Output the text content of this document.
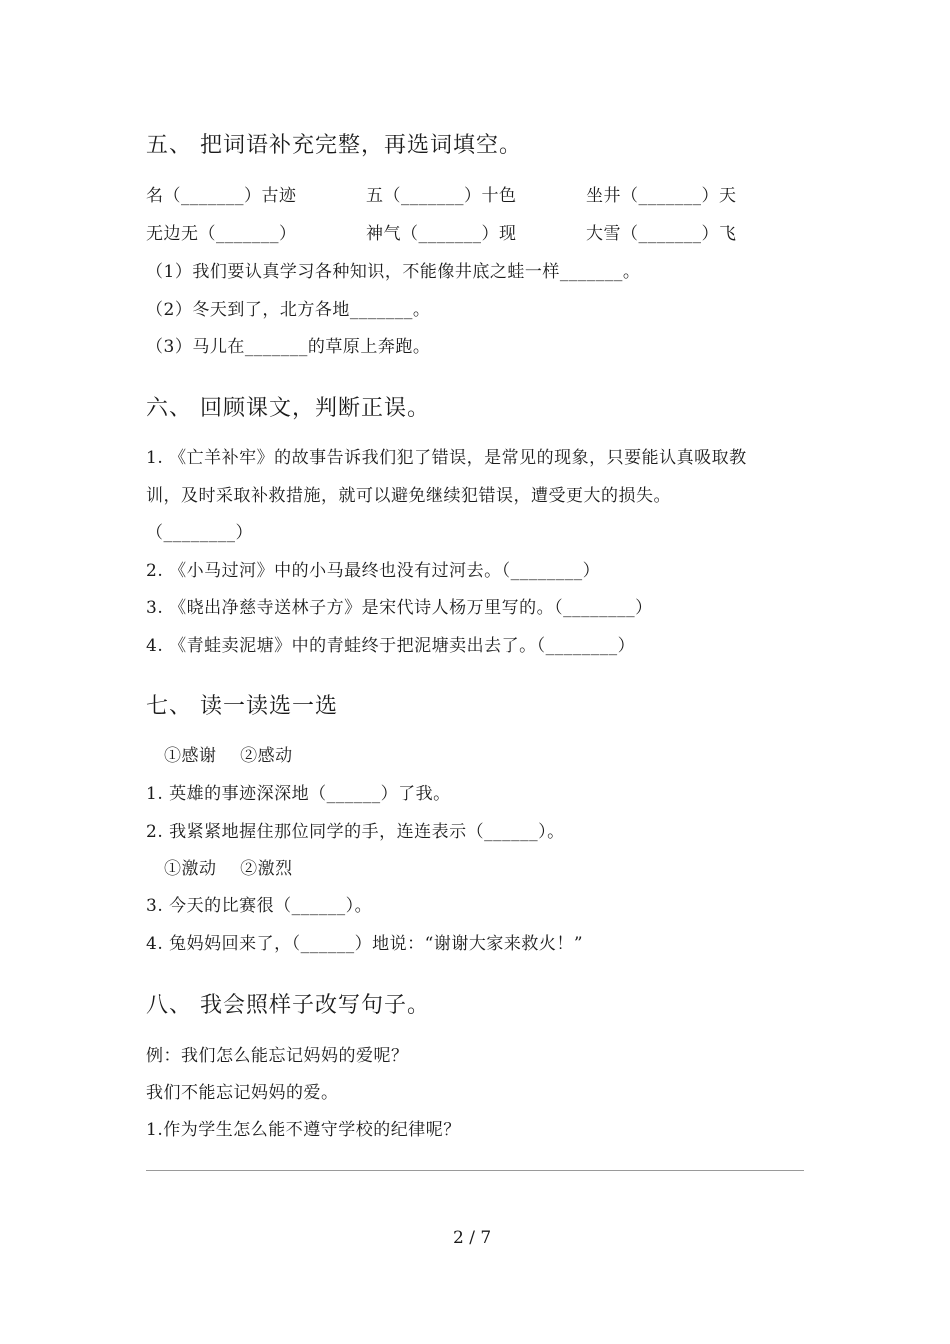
五、 把词语补充完整，再选词填空。
名（_______）古迹	五（_______）十色	坐井（_______）天
无边无（_______）	神气（_______）现	大雪（_______）飞
（1）我们要认真学习各种知识，不能像井底之蛙一样_______。
（2）冬天到了，北方各地_______。
（3）马儿在_______的草原上奔跑。
六、 回顾课文，判断正误。
1. 《亡羊补牢》的故事告诉我们犯了错误，是常见的现象，只要能认真吸取教
训，及时采取补救措施，就可以避免继续犯错误，遭受更大的损失。
（________）
2. 《小马过河》中的小马最终也没有过河去。（________）
3. 《晓出净慈寺送林子方》是宋代诗人杨万里写的。（________）
4. 《青蛙卖泥塘》中的青蛙终于把泥塘卖出去了。（________）
七、 读一读选一选
①感谢    ②感动
1. 英雄的事迹深深地（______）了我。
2. 我紧紧地握住那位同学的手，连连表示（______）。
①激动    ②激烈
3. 今天的比赛很（______）。
4. 兔妈妈回来了，（______）地说：“谢谢大家来救火！”
八、 我会照样子改写句子。
例：我们怎么能忘记妈妈的爱呢？
我们不能忘记妈妈的爱。
1.作为学生怎么能不遵守学校的纪律呢？
2 / 7
